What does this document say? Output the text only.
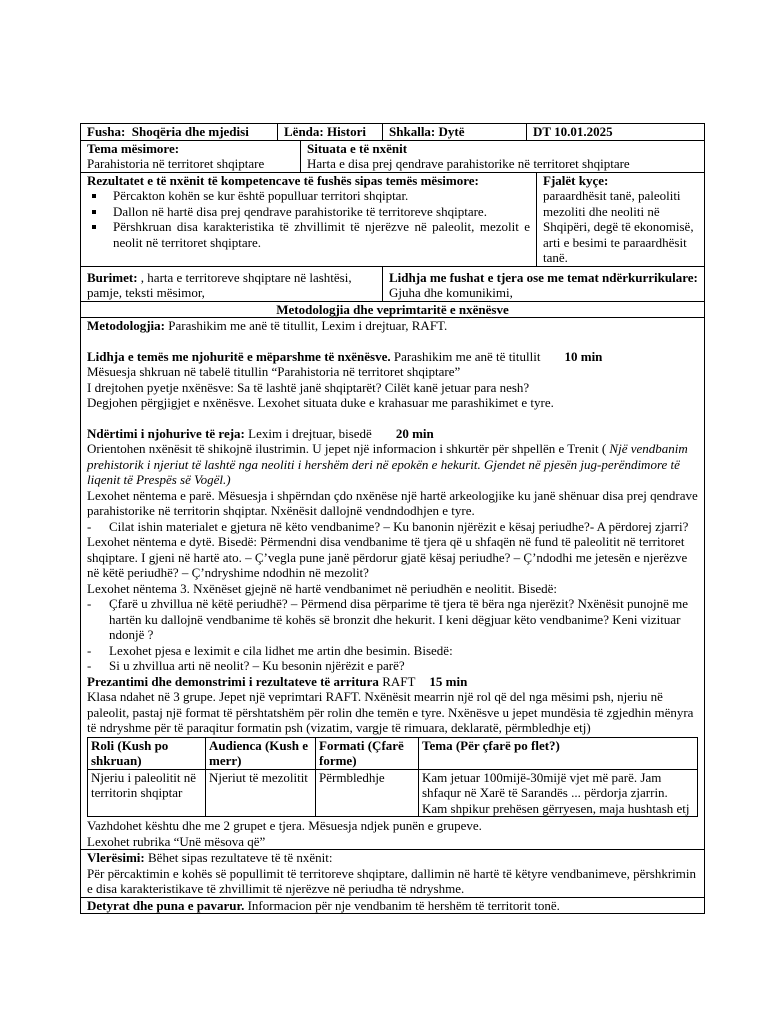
Fusha: Shoqëria dhe mjedisi	Lënda: Histori	Shkalla: Dytë	DT 10.01.2025

Tema mësimore:
Parahistoria në territoret shqiptare

Situata e të nxënit
Harta e disa prej qendrave parahistorike në territoret shqiptare

Rezultatet e të nxënit të kompetencave të fushës sipas temës mësimore:
▪ Përcakton kohën se kur është populluar territori shqiptar.
▪ Dallon në hartë disa prej qendrave parahistorike të territoreve shqiptare.
▪ Përshkruan disa karakteristika të zhvillimit të njerëzve në paleolit, mezolit e neolit në territoret shqiptare.

Fjalët kyçe:
paraardhësit tanë, paleoliti mezoliti dhe neoliti në Shqipëri, degë të ekonomisë, arti e besimi te paraardhësit tanë.

Burimet: , harta e territoreve shqiptare në lashtësi, pamje, teksti mësimor,	Lidhja me fushat e tjera ose me temat ndërkurrikulare: Gjuha dhe komunikimi,
Metodologjia dhe veprimtaritë e nxënësve

Metodologjia: Parashikim me anë të titullit, Lexim i drejtuar, RAFT.
Lidhja e temës me njohuritë e mëparshme të nxënësve. Parashikim me anë të titullit 10 min
Mësuesja shkruan në tabelë titullin “Parahistoria në territoret shqiptare”
I drejtohen pyetje nxënësve: Sa të lashtë janë shqiptarët? Cilët kanë jetuar para nesh?
Degjohen përgjigjet e nxënësve. Lexohet situata duke e krahasuar me parashikimet e tyre.
Ndërtimi i njohurive të reja: Lexim i drejtuar, bisedë 20 min
Orientohen nxënësit të shikojnë ilustrimin. U jepet një informacion i shkurtër për shpellën e Trenit ( Një vendbanim prehistorik i njeriut të lashtë nga neoliti i hershëm deri në epokën e hekurit. Gjendet në pjesën jug-perëndimore të liqenit të Prespës së Vogël.)
Lexohet nëntema e parë. Mësuesja i shpërndan çdo nxënëse një hartë arkeologjike ku janë shënuar disa prej qendrave parahistorike në territorin shqiptar. Nxënësit dallojnë vendndodhjen e tyre.
-	Cilat ishin materialet e gjetura në këto vendbanime? – Ku banonin njërëzit e kësaj periudhe?- A përdorej zjarri?
Lexohet nëntema e dytë. Bisedë: Përmendni disa vendbanime të tjera që u shfaqën në fund të paleolitit në territoret shqiptare. I gjeni në hartë ato. – Ç’vegla pune janë përdorur gjatë kësaj periudhe? – Ç’ndodhi me jetesën e njerëzve në këtë periudhë? – Ç’ndryshime ndodhin në mezolit?
Lexohet nëntema 3. Nxënëset gjejnë në hartë vendbanimet në periudhën e neolitit. Bisedë:
-	Çfarë u zhvillua në këtë periudhë? – Përmend disa përparime të tjera të bëra nga njerëzit? Nxënësit punojnë me hartën ku dallojnë vendbanime të kohës së bronzit dhe hekurit. I keni dëgjuar këto vendbanime? Keni vizituar ndonjë ?
-	Lexohet pjesa e leximit e cila lidhet me artin dhe besimin. Bisedë:
-	Si u zhvillua arti në neolit? – Ku besonin njërëzit e parë?
Prezantimi dhe demonstrimi i rezultateve të arritura RAFT 15 min
Klasa ndahet në 3 grupe. Jepet një veprimtari RAFT. Nxënësit mearrin një rol që del nga mësimi psh, njeriu në paleolit, pastaj një format të përshtatshëm për rolin dhe temën e tyre. Nxënësve u jepet mundësia të zgjedhin mënyra të ndryshme për të paraqitur formatin psh (vizatim, vargje të rimuara, deklaratë, përmbledhje etj)
Roli (Kush po shkruan)	Audienca (Kush e merr)	Formati (Çfarë forme)	Tema (Për çfarë po flet?)
Njeriu i paleolitit në territorin shqiptar	Njeriut të mezolitit	Përmbledhje	Kam jetuar 100mijë-30mijë vjet më parë. Jam shfaqur në Xarë të Sarandës ... përdorja zjarrin. Kam shpikur prehësen gërryesen, maja hushtash etj
Vazhdohet kështu dhe me 2 grupet e tjera. Mësuesja ndjek punën e grupeve.
Lexohet rubrika “Unë mësova që”

Vlerësimi: Bëhet sipas rezultateve të të nxënit:
Për përcaktimin e kohës së popullimit të territoreve shqiptare, dallimin në hartë të këtyre vendbanimeve, përshkrimin e disa karakteristikave të zhvillimit të njerëzve në periudha të ndryshme.

Detyrat dhe puna e pavarur. Informacion për nje vendbanim të hershëm të territorit tonë.
